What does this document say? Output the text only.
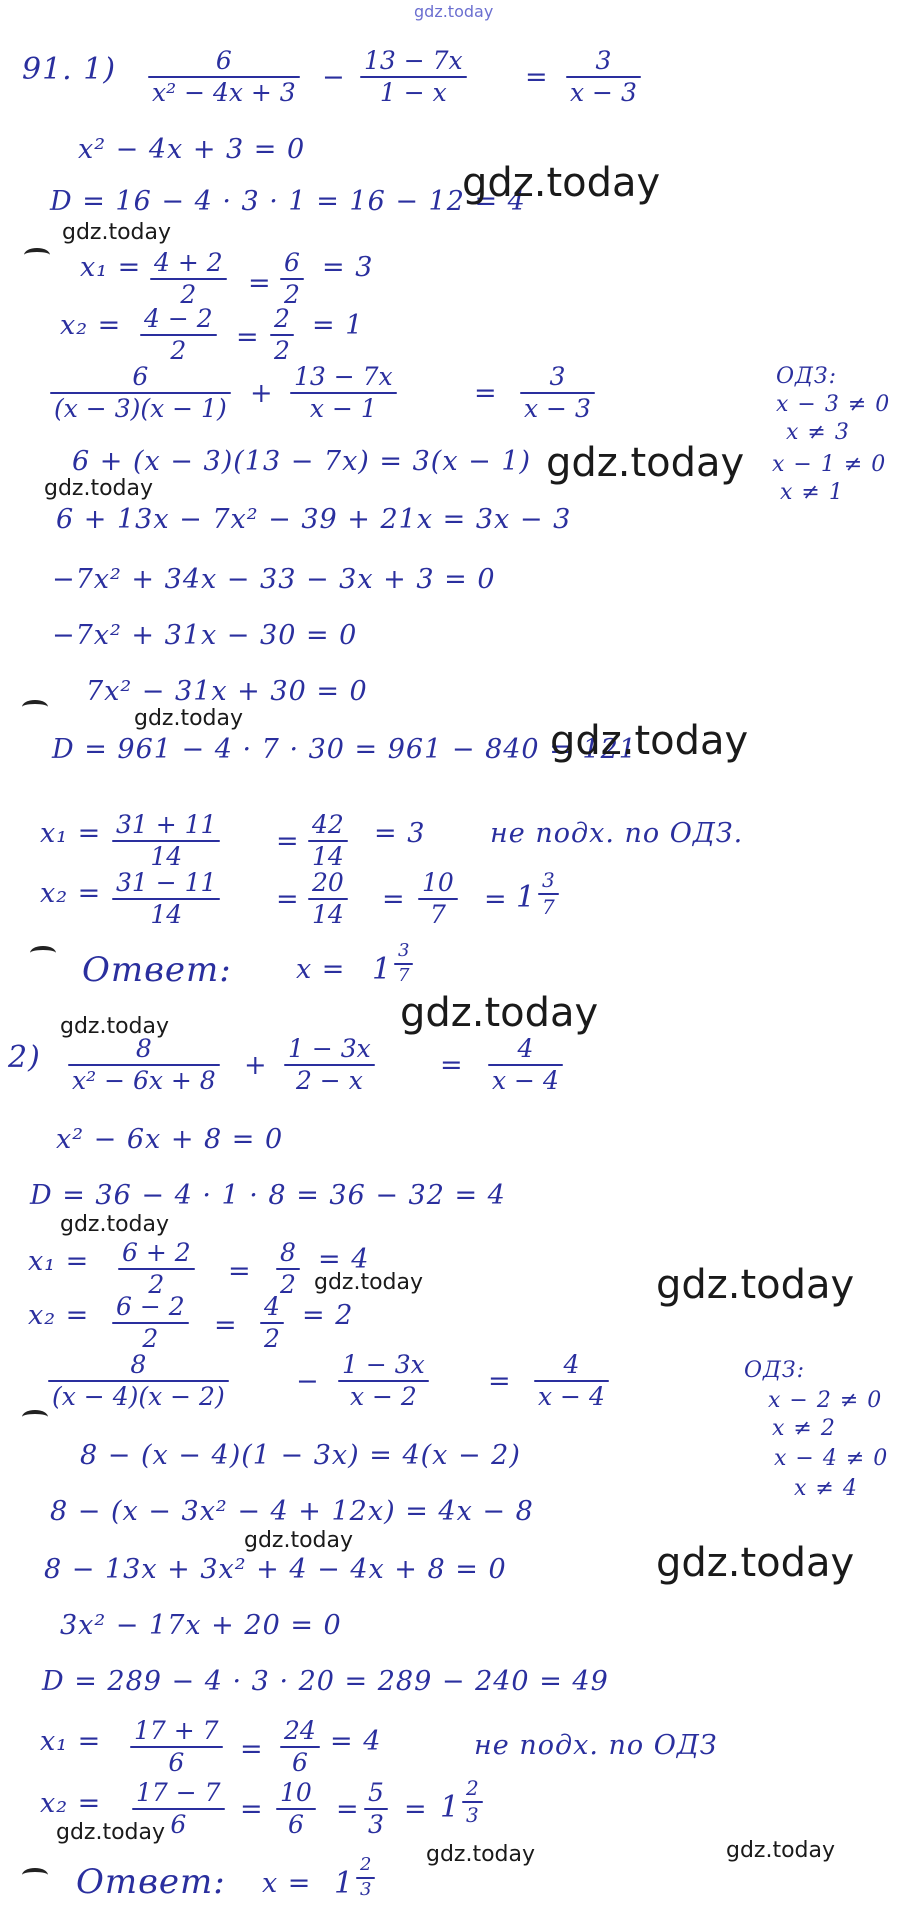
gdz.today
91. 1)	6
x² − 4x + 3 −
13 − 7x
1 − x	=
3
x − 3
x² − 4x + 3 = 0
D = 16 − 4 · 3 · 1 = 16 − 12 = 4
gdz.today
gdz.today
x₁ = 4 + 2
2 =
6
2
= 3
x₂ = 4 − 2
2 =
2
2
= 1
6
(x − 3)(x − 1) +
13 − 7x
x − 1	=
3
x − 3
ОДЗ:
x − 3 ≠ 0
x ≠ 3
x − 1 ≠ 0
x ≠ 1
6 + (x − 3)(13 − 7x) = 3(x − 1) gdz.today
gdz.today
6 + 13x − 7x² − 39 + 21x = 3x − 3
−7x² + 34x − 33 − 3x + 3 = 0
−7x² + 31x − 30 = 0
7x² − 31x + 30 = 0
gdz.today
D = 961 − 4 · 7 · 30 = 961 − 840 = 121
gdz.today
x₁ = 31 + 11
14	=
42
14
= 3 не подх. по ОДЗ.
x₂ = 31 − 11
14	=
20
14 =
10
7 = 1 3
7
Ответ: x = 1
3
7
gdz.today
gdz.today
2)	8
x² − 6x + 8 +
1 − 3x
2 − x	=
4
x − 4
x² − 6x + 8 = 0
D = 36 − 4 · 1 · 8 = 36 − 32 = 4
gdz.today
x₁ = 6 + 2
2 =
8
2
= 4
gdz.today	gdz.today
x₂ = 6 − 2
2 =
4
2
= 2
8
(x − 4)(x − 2)	−
1 − 3x
x − 2	=
4
x − 4
ОДЗ:
x − 2 ≠ 0
x ≠ 2
x − 4 ≠ 0
x ≠ 4
8 − (x − 4)(1 − 3x) = 4(x − 2)
8 − (x − 3x² − 4 + 12x) = 4x − 8
gdz.today
8 − 13x + 3x² + 4 − 4x + 8 = 0	gdz.today
3x² − 17x + 20 = 0
D = 289 − 4 · 3 · 20 = 289 − 240 = 49
x₁ = 17 + 7
6 =
24
6
= 4	не подх. по ОДЗ
x₂ = 17 − 7
6 =
10
6 =
5
3 = 1
2
3
gdz.today
gdz.today	gdz.today
Ответ: x = 1
2
3
